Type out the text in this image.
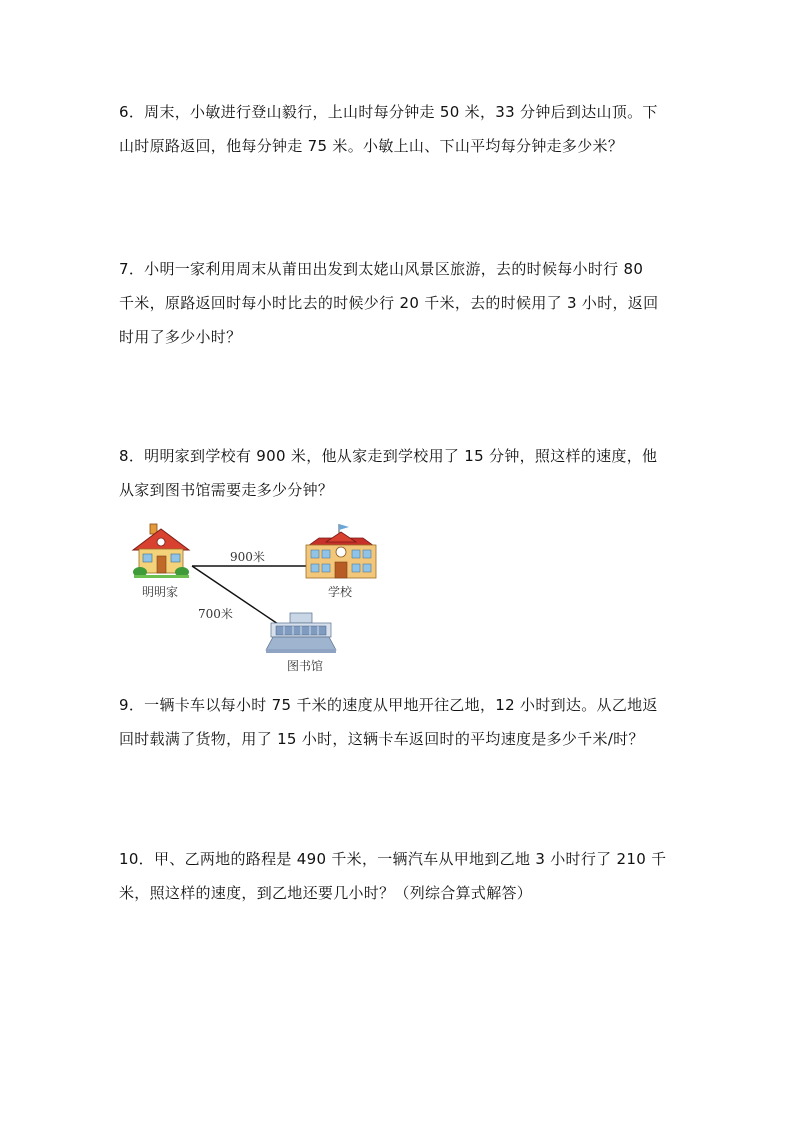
6．周末，小敏进行登山毅行，上山时每分钟走 50 米，33 分钟后到达山顶。下
山时原路返回，他每分钟走 75 米。小敏上山、下山平均每分钟走多少米？
7．小明一家利用周末从莆田出发到太姥山风景区旅游，去的时候每小时行 80
千米，原路返回时每小时比去的时候少行 20 千米，去的时候用了 3 小时，返回
时用了多少小时？
8．明明家到学校有 900 米，他从家走到学校用了 15 分钟，照这样的速度，他
从家到图书馆需要走多少分钟？
明明家	学校
图书馆
900米
700米
9．一辆卡车以每小时 75 千米的速度从甲地开往乙地，12 小时到达。从乙地返
回时载满了货物，用了 15 小时，这辆卡车返回时的平均速度是多少千米/时？
10．甲、乙两地的路程是 490 千米，一辆汽车从甲地到乙地 3 小时行了 210 千
米，照这样的速度，到乙地还要几小时？（列综合算式解答）
